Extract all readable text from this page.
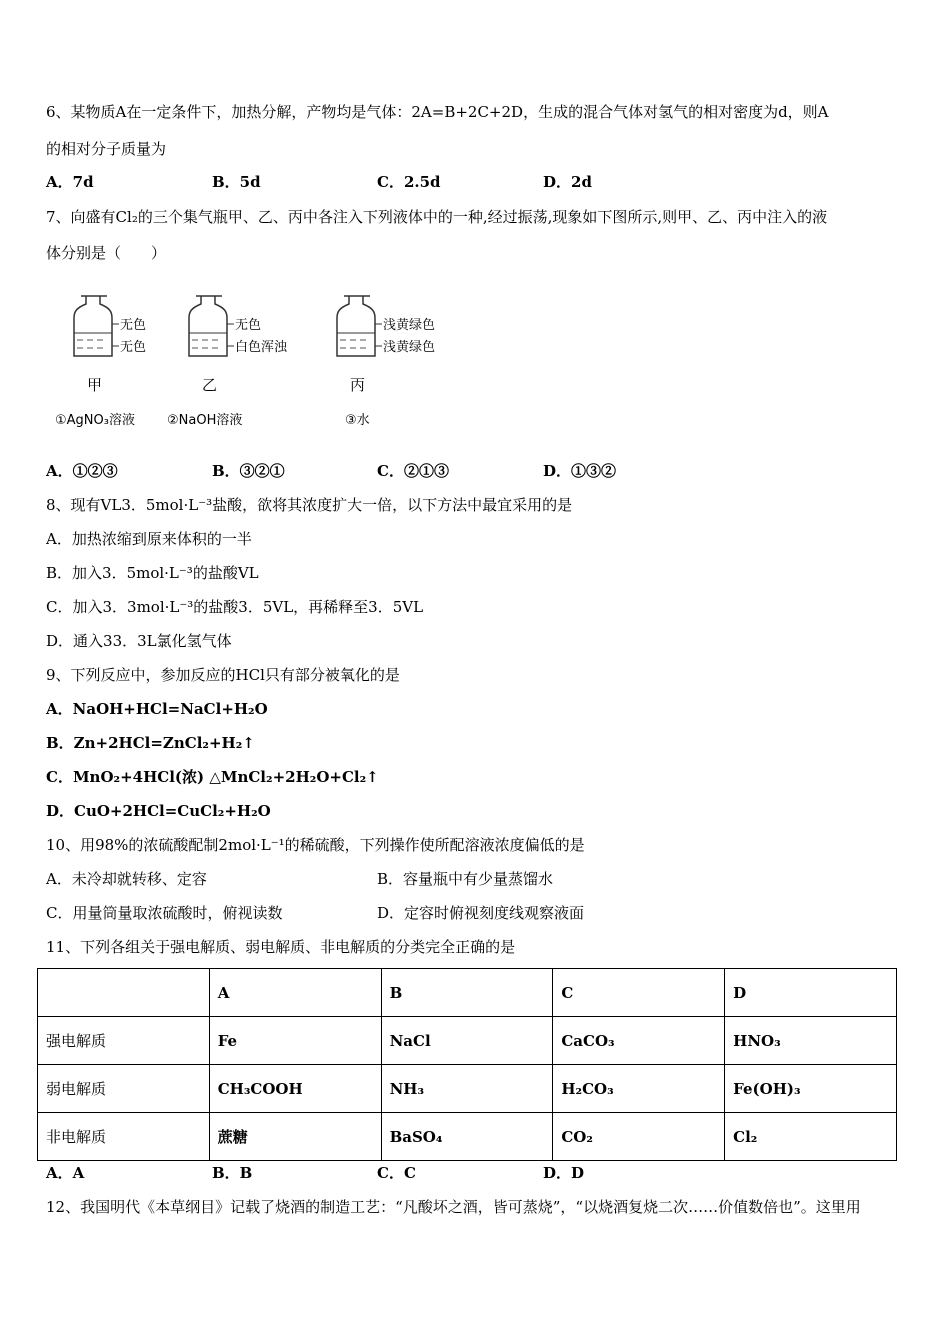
6、某物质A在一定条件下，加热分解，产物均是气体：2A=B+2C+2D，生成的混合气体对氢气的相对密度为d，则A
的相对分子质量为
A．7d	B．5d	C．2.5d	D．2d
7、向盛有Cl₂的三个集气瓶甲、乙、丙中各注入下列液体中的一种,经过振荡,现象如下图所示,则甲、乙、丙中注入的液
体分别是（　　）
无色
无色
甲
①AgNO₃溶液
无色
白色浑浊
乙
②NaOH溶液
浅黄绿色
浅黄绿色
丙
③水
A．①②③	B．③②①	C．②①③	D．①③②
8、现有VL3．5mol·L⁻³盐酸，欲将其浓度扩大一倍，以下方法中最宜采用的是
A．加热浓缩到原来体积的一半
B．加入3．5mol·L⁻³的盐酸VL
C．加入3．3mol·L⁻³的盐酸3．5VL，再稀释至3．5VL
D．通入33．3L氯化氢气体
9、下列反应中，参加反应的HCl只有部分被氧化的是
A．NaOH+HCl=NaCl+H₂O
B．Zn+2HCl=ZnCl₂+H₂↑
C．MnO₂+4HCl(浓) △MnCl₂+2H₂O+Cl₂↑
D．CuO+2HCl=CuCl₂+H₂O
10、用98%的浓硫酸配制2mol·L⁻¹的稀硫酸，下列操作使所配溶液浓度偏低的是
A．未冷却就转移、定容	B．容量瓶中有少量蒸馏水
C．用量筒量取浓硫酸时，俯视读数	D．定容时俯视刻度线观察液面
11、下列各组关于强电解质、弱电解质、非电解质的分类完全正确的是
	A	B	C	D
强电解质	Fe	NaCl	CaCO₃	HNO₃
弱电解质	CH₃COOH	NH₃	H₂CO₃	Fe(OH)₃
非电解质	蔗糖	BaSO₄	CO₂	Cl₂
A．A	B．B	C．C	D．D
12、我国明代《本草纲目》记载了烧酒的制造工艺：“凡酸坏之酒，皆可蒸烧”，“以烧酒复烧二次……价值数倍也”。这里用
